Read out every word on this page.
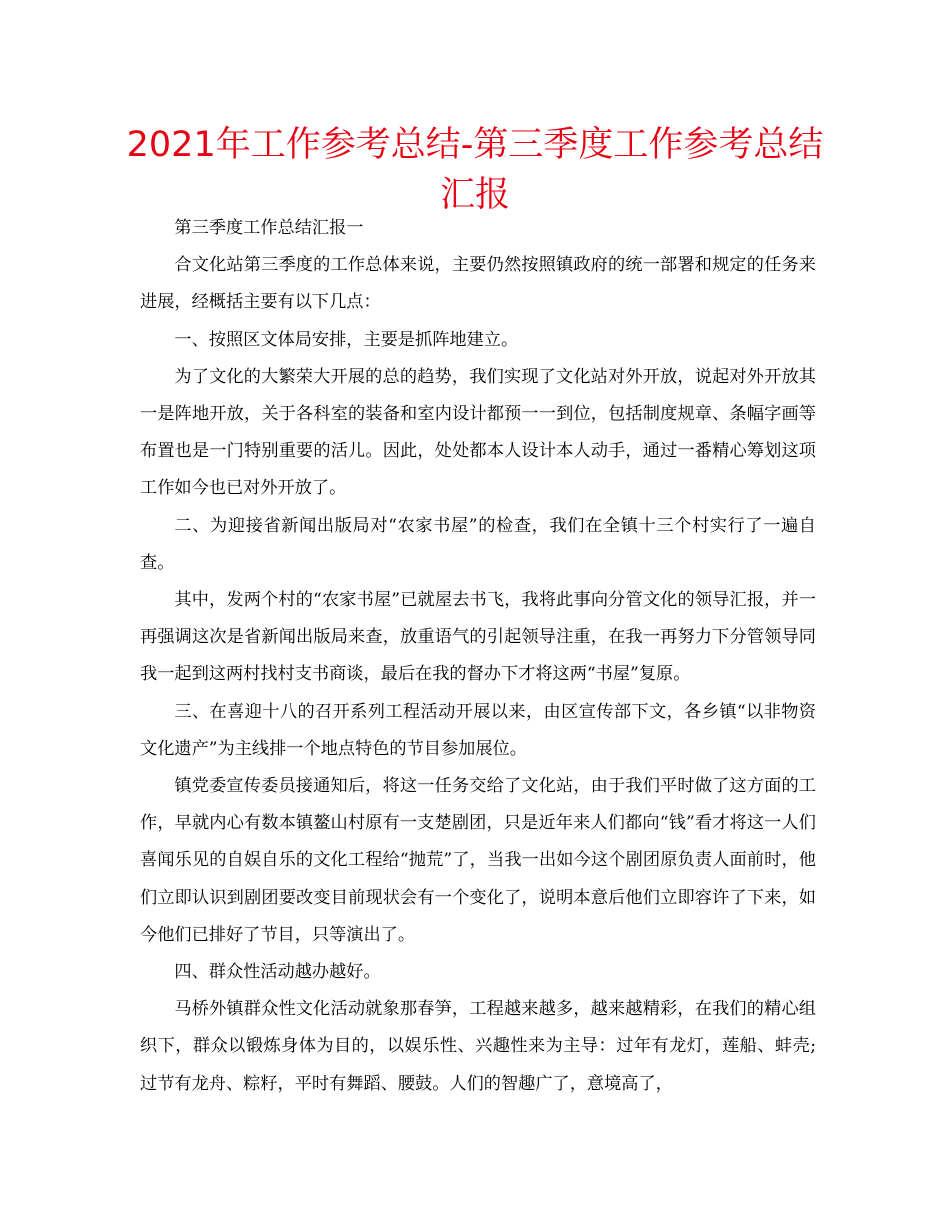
2021年工作参考总结-第三季度工作参考总结汇报

第三季度工作总结汇报一

合文化站第三季度的工作总体来说，主要仍然按照镇政府的统一部署和规定的任务来进展，经概括主要有以下几点：

一、按照区文体局安排，主要是抓阵地建立。

为了文化的大繁荣大开展的总的趋势，我们实现了文化站对外开放，说起对外开放其一是阵地开放，关于各科室的装备和室内设计都预一一到位，包括制度规章、条幅字画等布置也是一门特别重要的活儿。因此，处处都本人设计本人动手，通过一番精心筹划这项工作如今也已对外开放了。

二、为迎接省新闻出版局对“农家书屋”的检查，我们在全镇十三个村实行了一遍自查。

其中，发两个村的“农家书屋”已就屋去书飞，我将此事向分管文化的领导汇报，并一再强调这次是省新闻出版局来查，放重语气的引起领导注重，在我一再努力下分管领导同我一起到这两村找村支书商谈，最后在我的督办下才将这两“书屋”复原。

三、在喜迎十八的召开系列工程活动开展以来，由区宣传部下文，各乡镇“以非物资文化遗产”为主线排一个地点特色的节目参加展位。

镇党委宣传委员接通知后，将这一任务交给了文化站，由于我们平时做了这方面的工作，早就内心有数本镇鳌山村原有一支楚剧团，只是近年来人们都向“钱”看才将这一人们喜闻乐见的自娱自乐的文化工程给“抛荒”了，当我一出如今这个剧团原负责人面前时，他们立即认识到剧团要改变目前现状会有一个变化了，说明本意后他们立即容许了下来，如今他们已排好了节目，只等演出了。

四、群众性活动越办越好。

马桥外镇群众性文化活动就象那春笋，工程越来越多，越来越精彩，在我们的精心组织下，群众以锻炼身体为目的，以娱乐性、兴趣性来为主导：过年有龙灯，莲船、蚌壳;过节有龙舟、粽籽，平时有舞蹈、腰鼓。人们的智趣广了，意境高了，
